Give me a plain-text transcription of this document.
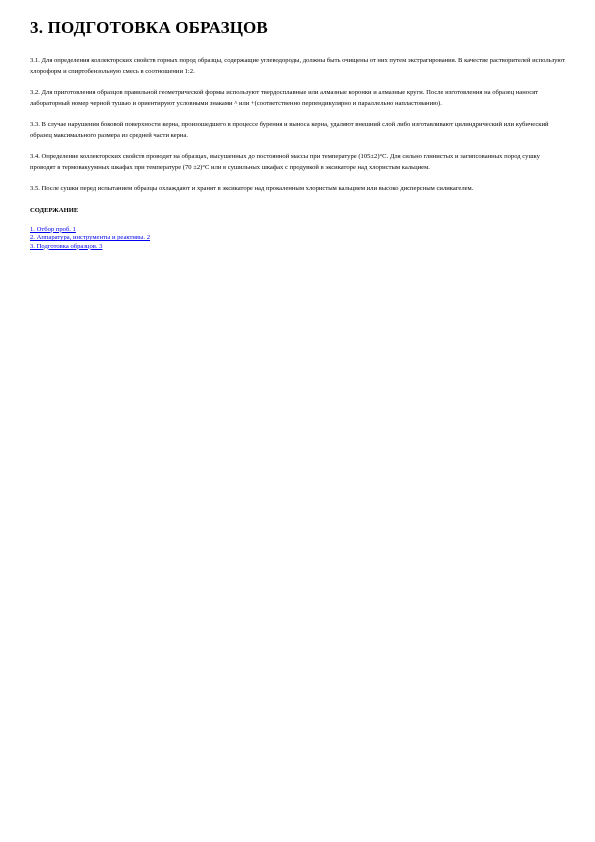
3. ПОДГОТОВКА ОБРАЗЦОВ

3.1. Для определения коллекторских свойств горных пород образцы, содержащие углеводороды, должны быть очищены от них путем экстрагирования. В качестве растворителей используют хлороформ и спиртобензольную смесь в соотношении 1:2.

3.2. Для приготовления образцов правильной геометрической формы используют твердосплавные или алмазные коронки и алмазные круги. После изготовления на образец наносят лабораторный номер черной тушью и ориентируют условными знаками ^ или +(соответственно перпендикулярно и параллельно напластованию).

3.3. В случае нарушения боковой поверхности керна, произошедшего в процессе бурения и выноса керна, удаляют внешний слой либо изготавливают цилиндрический или кубический образец максимального размера из средней части керна.

3.4. Определение коллекторских свойств проводят на образцах, высушенных до постоянной массы при температуре (105±2)°С. Для сильно глинистых и загипсованных пород сушку проводят в термовакуумных шкафах при температуре (70 ±2)°С или в сушильных шкафах с продувкой в эксикаторе над хлористым кальцием.

3.5. После сушки перед испытанием образцы охлаждают и хранят в эксикаторе над прокаленным хлористым кальцием или высоко дисперсным силикагелем.

СОДЕРЖАНИЕ
1. Отбор проб. 1
2. Аппаратура, инструменты и реактивы. 2
3. Подготовка образцов. 3
